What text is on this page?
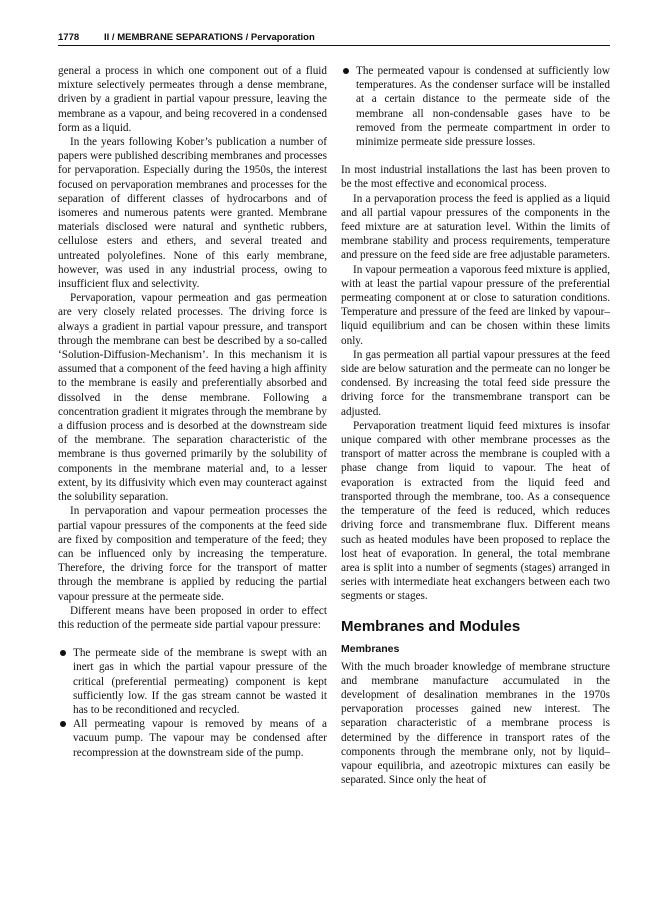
1778	II / MEMBRANE SEPARATIONS / Pervaporation

general a process in which one component out of a fluid mixture selectively permeates through a dense membrane, driven by a gradient in partial vapour pressure, leaving the membrane as a vapour, and being recovered in a condensed form as a liquid.

In the years following Kober’s publication a number of papers were published describing membranes and processes for pervaporation. Especially during the 1950s, the interest focused on pervaporation membranes and processes for the separation of different classes of hydrocarbons and of isomeres and numerous patents were granted. Membrane materials disclosed were natural and synthetic rubbers, cellulose esters and ethers, and several treated and untreated polyolefines. None of this early membrane, however, was used in any industrial process, owing to insufficient flux and selectivity.

Pervaporation, vapour permeation and gas permeation are very closely related processes. The driving force is always a gradient in partial vapour pressure, and transport through the membrane can best be described by a so-called ‘Solution-Diffusion-Mechanism’. In this mechanism it is assumed that a component of the feed having a high affinity to the membrane is easily and preferentially absorbed and dissolved in the dense membrane. Following a concentration gradient it migrates through the membrane by a diffusion process and is desorbed at the downstream side of the membrane. The separation characteristic of the membrane is thus governed primarily by the solubility of components in the membrane material and, to a lesser extent, by its diffusivity which even may counteract against the solubility separation.

In pervaporation and vapour permeation processes the partial vapour pressures of the components at the feed side are fixed by composition and temperature of the feed; they can be influenced only by increasing the temperature. Therefore, the driving force for the transport of matter through the membrane is applied by reducing the partial vapour pressure at the permeate side.

Different means have been proposed in order to effect this reduction of the permeate side partial vapour pressure:

The permeate side of the membrane is swept with an inert gas in which the partial vapour pressure of the critical (preferential permeating) component is kept sufficiently low. If the gas stream cannot be wasted it has to be reconditioned and recycled.
All permeating vapour is removed by means of a vacuum pump. The vapour may be condensed after recompression at the downstream side of the pump.
The permeated vapour is condensed at sufficiently low temperatures. As the condenser surface will be installed at a certain distance to the permeate side of the membrane all non-condensable gases have to be removed from the permeate compartment in order to minimize permeate side pressure losses.

In most industrial installations the last has been proven to be the most effective and economical process.

In a pervaporation process the feed is applied as a liquid and all partial vapour pressures of the components in the feed mixture are at saturation level. Within the limits of membrane stability and process requirements, temperature and pressure on the feed side are free adjustable parameters.

In vapour permeation a vaporous feed mixture is applied, with at least the partial vapour pressure of the preferential permeating component at or close to saturation conditions. Temperature and pressure of the feed are linked by vapour–liquid equilibrium and can be chosen within these limits only.

In gas permeation all partial vapour pressures at the feed side are below saturation and the permeate can no longer be condensed. By increasing the total feed side pressure the driving force for the transmembrane transport can be adjusted.

Pervaporation treatment liquid feed mixtures is insofar unique compared with other membrane processes as the transport of matter across the membrane is coupled with a phase change from liquid to vapour. The heat of evaporation is extracted from the liquid feed and transported through the membrane, too. As a consequence the temperature of the feed is reduced, which reduces driving force and transmembrane flux. Different means such as heated modules have been proposed to replace the lost heat of evaporation. In general, the total membrane area is split into a number of segments (stages) arranged in series with intermediate heat exchangers between each two segments or stages.

Membranes and Modules
Membranes

With the much broader knowledge of membrane structure and membrane manufacture accumulated in the development of desalination membranes in the 1970s pervaporation processes gained new interest. The separation characteristic of a membrane process is determined by the difference in transport rates of the components through the membrane only, not by liquid–vapour equilibria, and azeotropic mixtures can easily be separated. Since only the heat of
